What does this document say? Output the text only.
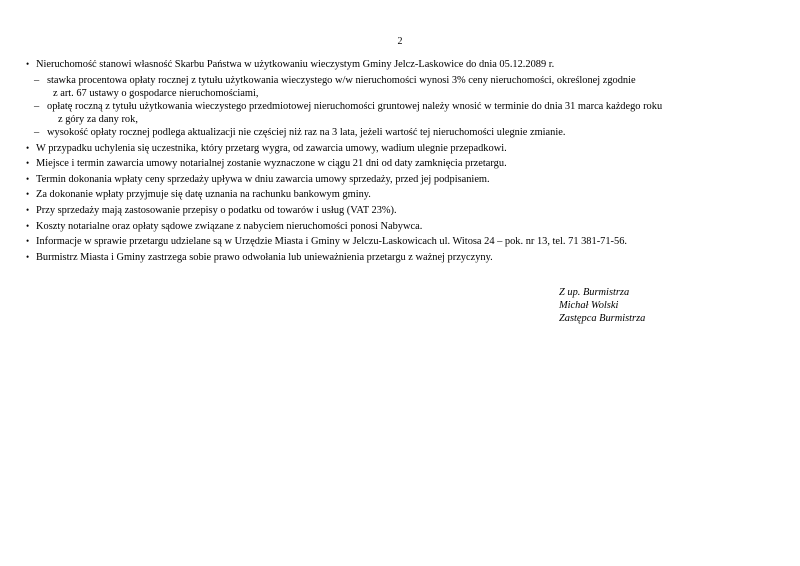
2
• Nieruchomość stanowi własność Skarbu Państwa w użytkowaniu wieczystym Gminy Jelcz-Laskowice do dnia 05.12.2089 r.
– stawka procentowa opłaty rocznej z tytułu użytkowania wieczystego w/w nieruchomości wynosi 3% ceny nieruchomości, określonej zgodnie
z art. 67 ustawy o gospodarce nieruchomościami,
– opłatę roczną z tytułu użytkowania wieczystego przedmiotowej nieruchomości gruntowej należy wnosić w terminie do dnia 31 marca każdego roku
z góry za dany rok,
– wysokość opłaty rocznej podlega aktualizacji nie częściej niż raz na 3 lata, jeżeli wartość tej nieruchomości ulegnie zmianie.
• W przypadku uchylenia się uczestnika, który przetarg wygra, od zawarcia umowy, wadium ulegnie przepadkowi.
• Miejsce i termin zawarcia umowy notarialnej zostanie wyznaczone w ciągu 21 dni od daty zamknięcia przetargu.
• Termin dokonania wpłaty ceny sprzedaży upływa w dniu zawarcia umowy sprzedaży, przed jej podpisaniem.
• Za dokonanie wpłaty przyjmuje się datę uznania na rachunku bankowym gminy.
• Przy sprzedaży mają zastosowanie przepisy o podatku od towarów i usług (VAT 23%).
• Koszty notarialne oraz opłaty sądowe związane z nabyciem nieruchomości ponosi Nabywca.
• Informacje w sprawie przetargu udzielane są w Urzędzie Miasta i Gminy w Jelczu-Laskowicach ul. Witosa 24 – pok. nr 13, tel. 71 381-71-56.
• Burmistrz Miasta i Gminy zastrzega sobie prawo odwołania lub unieważnienia przetargu z ważnej przyczyny.
Z up. Burmistrza
Michał Wolski
Zastępca Burmistrza
